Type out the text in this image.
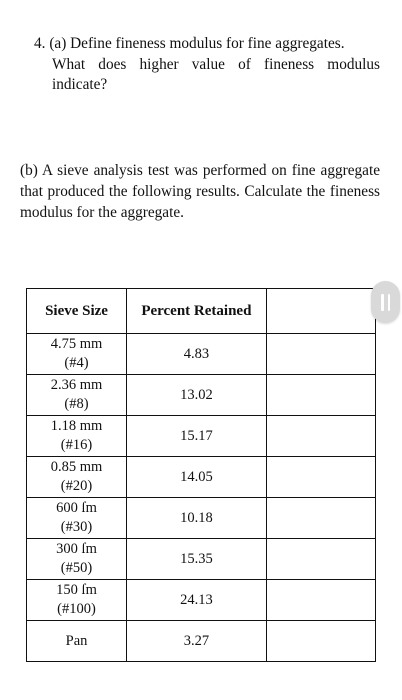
4. (a) Define fineness modulus for fine aggregates.
What does higher value of fineness modulus indicate?
(b) A sieve analysis test was performed on fine aggregate that produced the following results. Calculate the fineness modulus for the aggregate.
Sieve Size	Percent Retained	
4.75 mm
(#4)	4.83	
2.36 mm
(#8)	13.02	
1.18 mm
(#16)	15.17	
0.85 mm
(#20)	14.05	
600 ſm
(#30)	10.18	
300 ſm
(#50)	15.35	
150 ſm
(#100)	24.13	
Pan	3.27	
